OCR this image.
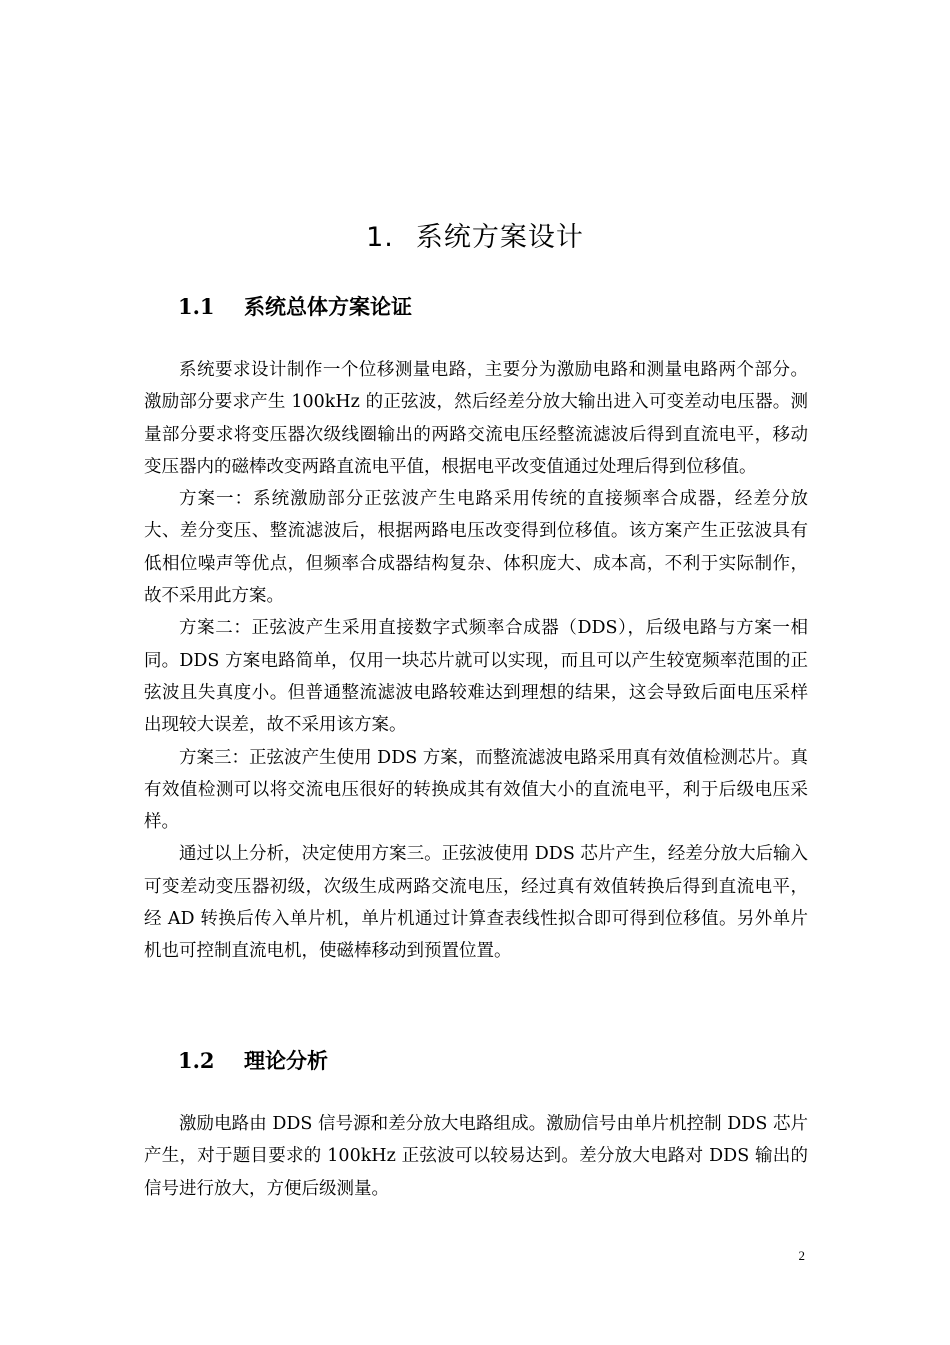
1. 系统方案设计
1.1 系统总体方案论证

系统要求设计制作一个位移测量电路，主要分为激励电路和测量电路两个部分。激励部分要求产生 100kHz 的正弦波，然后经差分放大输出进入可变差动电压器。测量部分要求将变压器次级线圈输出的两路交流电压经整流滤波后得到直流电平，移动变压器内的磁棒改变两路直流电平值，根据电平改变值通过处理后得到位移值。

方案一：系统激励部分正弦波产生电路采用传统的直接频率合成器，经差分放大、差分变压、整流滤波后，根据两路电压改变得到位移值。该方案产生正弦波具有低相位噪声等优点，但频率合成器结构复杂、体积庞大、成本高，不利于实际制作，故不采用此方案。

方案二：正弦波产生采用直接数字式频率合成器（DDS），后级电路与方案一相同。DDS 方案电路简单，仅用一块芯片就可以实现，而且可以产生较宽频率范围的正弦波且失真度小。但普通整流滤波电路较难达到理想的结果，这会导致后面电压采样出现较大误差，故不采用该方案。

方案三：正弦波产生使用 DDS 方案，而整流滤波电路采用真有效值检测芯片。真有效值检测可以将交流电压很好的转换成其有效值大小的直流电平，利于后级电压采样。

通过以上分析，决定使用方案三。正弦波使用 DDS 芯片产生，经差分放大后输入可变差动变压器初级，次级生成两路交流电压，经过真有效值转换后得到直流电平，经 AD 转换后传入单片机，单片机通过计算查表线性拟合即可得到位移值。另外单片机也可控制直流电机，使磁棒移动到预置位置。

1.2 理论分析

激励电路由 DDS 信号源和差分放大电路组成。激励信号由单片机控制 DDS 芯片产生，对于题目要求的 100kHz 正弦波可以较易达到。差分放大电路对 DDS 输出的信号进行放大，方便后级测量。

2
